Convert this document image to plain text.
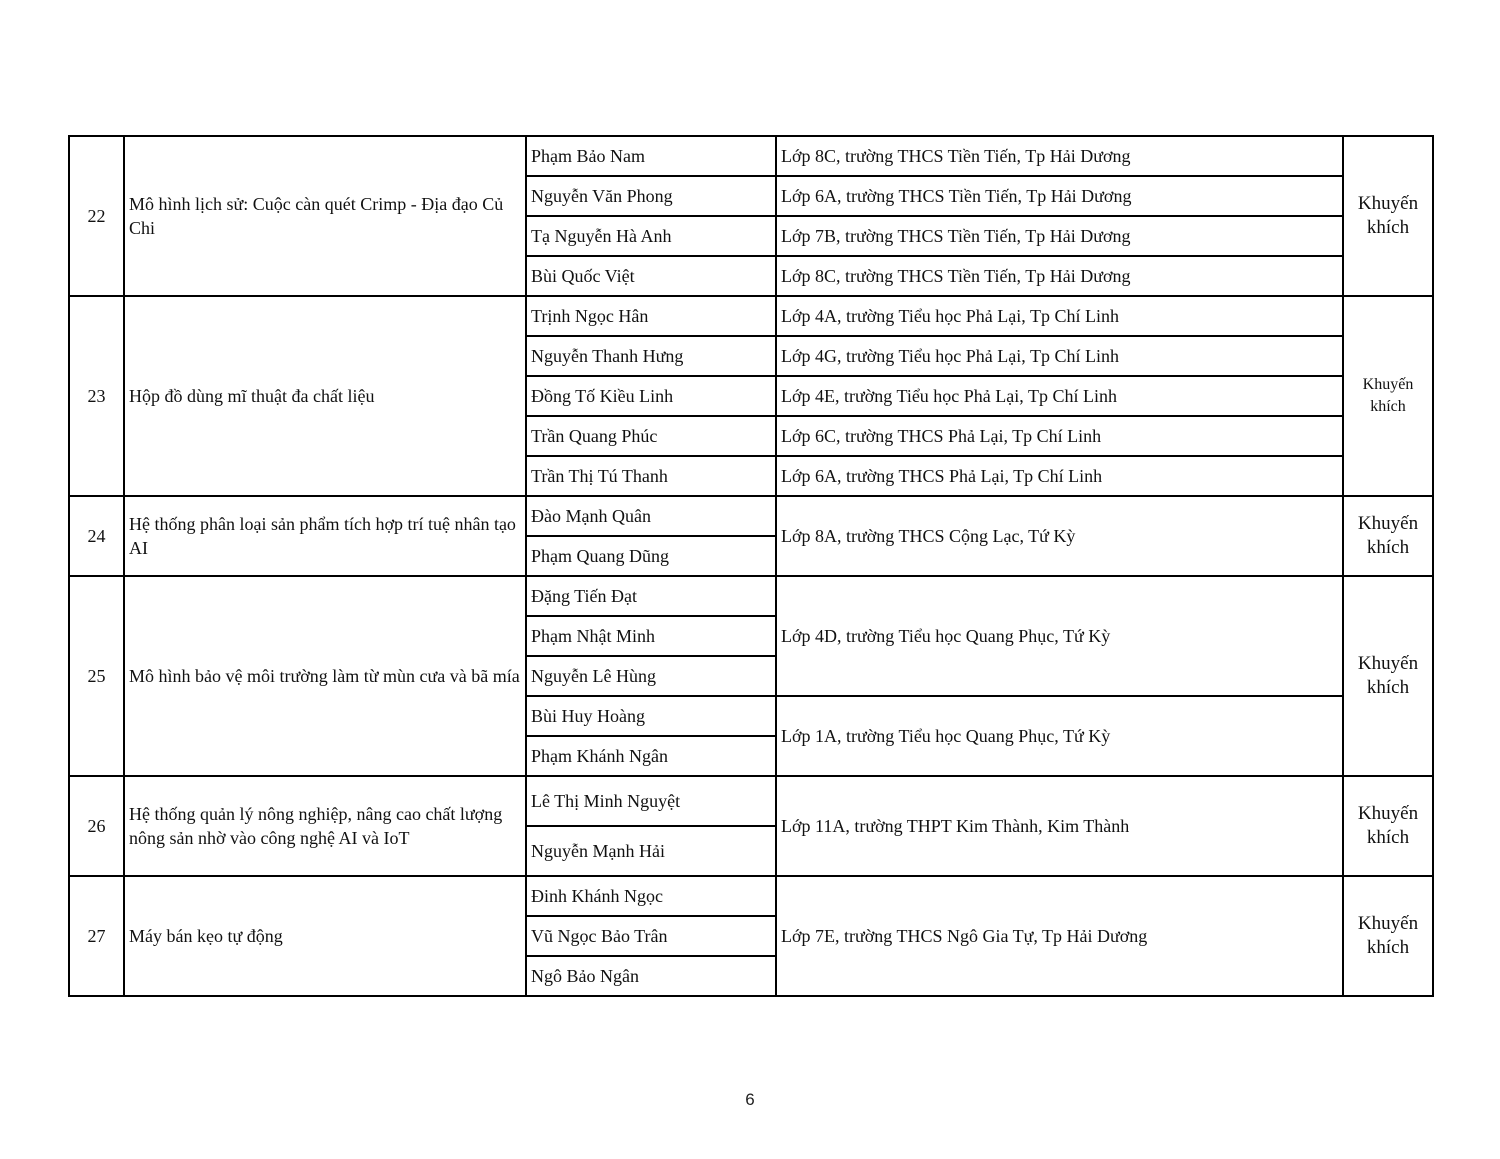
22	Mô hình lịch sử: Cuộc càn quét Crimp - Địa đạo Củ Chi	Phạm Bảo Nam	Lớp 8C, trường THCS Tiền Tiến, Tp Hải Dương	Khuyến khích
		Nguyễn Văn Phong	Lớp 6A, trường THCS Tiền Tiến, Tp Hải Dương	
		Tạ Nguyễn Hà Anh	Lớp 7B, trường THCS Tiền Tiến, Tp Hải Dương	
		Bùi Quốc Việt	Lớp 8C, trường THCS Tiền Tiến, Tp Hải Dương	
23	Hộp đồ dùng mĩ thuật đa chất liệu	Trịnh Ngọc Hân	Lớp 4A, trường Tiểu học Phả Lại, Tp Chí Linh	Khuyến khích
		Nguyễn Thanh Hưng	Lớp 4G, trường Tiểu học Phả Lại, Tp Chí Linh	
		Đồng Tố Kiều Linh	Lớp 4E, trường Tiểu học Phả Lại, Tp Chí Linh	
		Trần Quang Phúc	Lớp 6C, trường THCS Phả Lại, Tp Chí Linh	
		Trần Thị Tú Thanh	Lớp 6A, trường THCS Phả Lại, Tp Chí Linh	
24	Hệ thống phân loại sản phẩm tích hợp trí tuệ nhân tạo AI	Đào Mạnh Quân	Lớp 8A, trường THCS Cộng Lạc, Tứ Kỳ	Khuyến khích
		Phạm Quang Dũng		
25	Mô hình bảo vệ môi trường làm từ mùn cưa và bã mía	Đặng Tiến Đạt	Lớp 4D, trường Tiểu học Quang Phục, Tứ Kỳ	Khuyến khích
		Phạm Nhật Minh		
		Nguyễn Lê Hùng		
		Bùi Huy Hoàng	Lớp 1A, trường Tiểu học Quang Phục, Tứ Kỳ	
		Phạm Khánh Ngân		
26	Hệ thống quản lý nông nghiệp, nâng cao chất lượng nông sản nhờ vào công nghệ AI và IoT	Lê Thị Minh Nguyệt	Lớp 11A, trường THPT Kim Thành, Kim Thành	Khuyến khích
		Nguyễn Mạnh Hải		
27	Máy bán kẹo tự động	Đinh Khánh Ngọc	Lớp 7E, trường THCS Ngô Gia Tự, Tp Hải Dương	Khuyến khích
		Vũ Ngọc Bảo Trân		
		Ngô Bảo Ngân		
6
